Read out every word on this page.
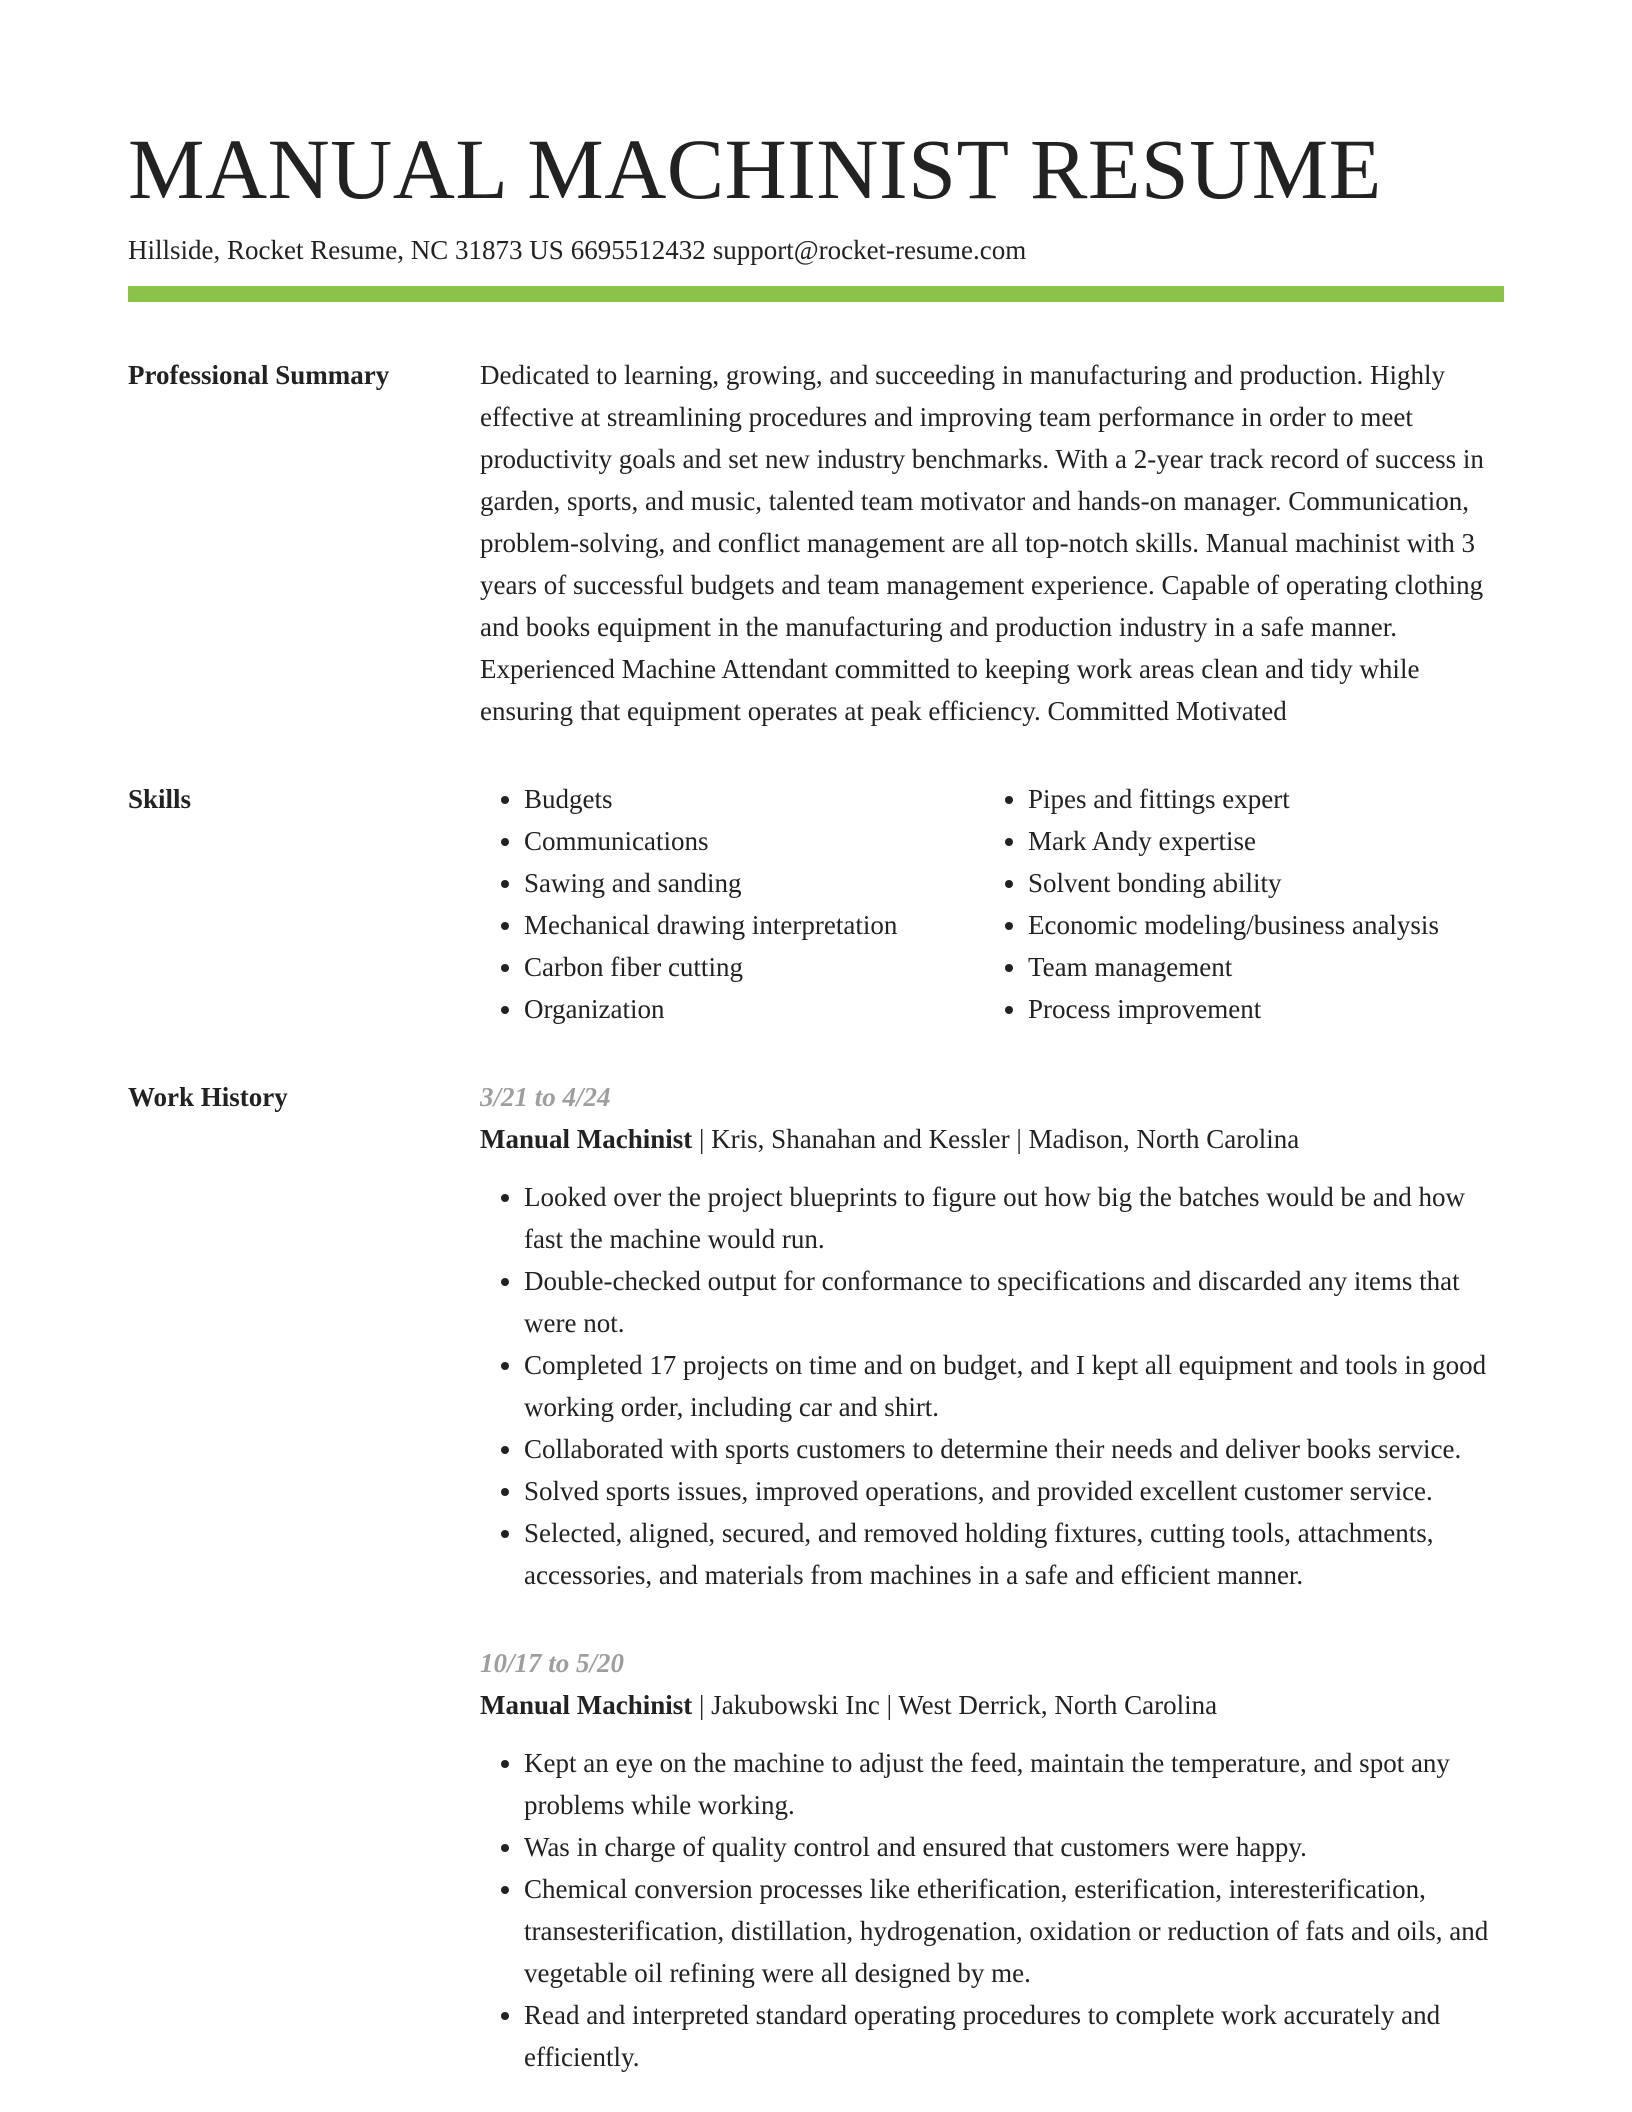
MANUAL MACHINIST RESUME
Hillside, Rocket Resume, NC 31873 US 6695512432 support@rocket-resume.com
Professional Summary	Dedicated to learning, growing, and succeeding in manufacturing and production. Highly effective at streamlining procedures and improving team performance in order to meet productivity goals and set new industry benchmarks. With a 2-year track record of success in garden, sports, and music, talented team motivator and hands-on manager. Communication, problem-solving, and conflict management are all top-notch skills. Manual machinist with 3 years of successful budgets and team management experience. Capable of operating clothing and books equipment in the manufacturing and production industry in a safe manner. Experienced Machine Attendant committed to keeping work areas clean and tidy while ensuring that equipment operates at peak efficiency. Committed Motivated

Skills
•	Budgets
• Communications
• Sawing and sanding
• Mechanical drawing interpretation
• Carbon fiber cutting
• Organization
• Pipes and fittings expert
• Mark Andy expertise
• Solvent bonding ability
• Economic modeling/business analysis
• Team management
• Process improvement
Work History	3/21 to 4/24
Manual Machinist | Kris, Shanahan and Kessler | Madison, North Carolina
• Looked over the project blueprints to figure out how big the batches would be and how fast the machine would run.
• Double-checked output for conformance to specifications and discarded any items that were not.
• Completed 17 projects on time and on budget, and I kept all equipment and tools in good working order, including car and shirt.
• Collaborated with sports customers to determine their needs and deliver books service.
• Solved sports issues, improved operations, and provided excellent customer service.
• Selected, aligned, secured, and removed holding fixtures, cutting tools, attachments, accessories, and materials from machines in a safe and efficient manner.
10/17 to 5/20
Manual Machinist | Jakubowski Inc | West Derrick, North Carolina
• Kept an eye on the machine to adjust the feed, maintain the temperature, and spot any problems while working.
• Was in charge of quality control and ensured that customers were happy.
• Chemical conversion processes like etherification, esterification, interesterification, transesterification, distillation, hydrogenation, oxidation or reduction of fats and oils, and vegetable oil refining were all designed by me.
• Read and interpreted standard operating procedures to complete work accurately and efficiently.
